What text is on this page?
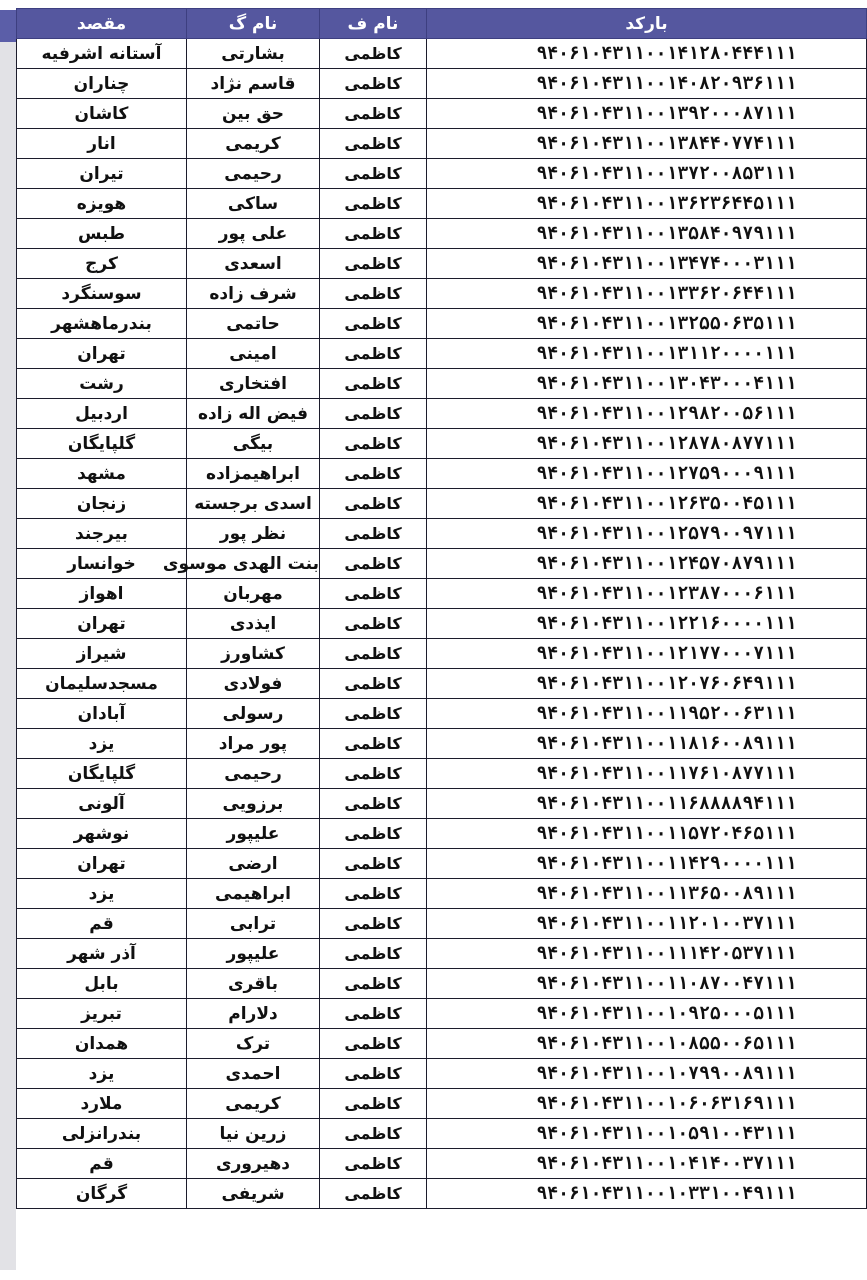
بارکد	نام ف	نام گ	مقصد
۹۴۰۶۱۰۴۳۱۱۰۰۱۴۱۲۸۰۴۴۴۱۱۱	کاظمی	بشارتی	آستانه اشرفیه
۹۴۰۶۱۰۴۳۱۱۰۰۱۴۰۸۲۰۹۳۶۱۱۱	کاظمی	قاسم نژاد	چناران
۹۴۰۶۱۰۴۳۱۱۰۰۱۳۹۲۰۰۰۸۷۱۱۱	کاظمی	حق بین	کاشان
۹۴۰۶۱۰۴۳۱۱۰۰۱۳۸۴۴۰۷۷۴۱۱۱	کاظمی	کریمی	انار
۹۴۰۶۱۰۴۳۱۱۰۰۱۳۷۲۰۰۸۵۳۱۱۱	کاظمی	رحیمی	تیران
۹۴۰۶۱۰۴۳۱۱۰۰۱۳۶۲۳۶۴۴۵۱۱۱	کاظمی	ساکی	هویزه
۹۴۰۶۱۰۴۳۱۱۰۰۱۳۵۸۴۰۹۷۹۱۱۱	کاظمی	علی پور	طبس
۹۴۰۶۱۰۴۳۱۱۰۰۱۳۴۷۴۰۰۰۳۱۱۱	کاظمی	اسعدی	کرج
۹۴۰۶۱۰۴۳۱۱۰۰۱۳۳۶۲۰۶۴۴۱۱۱	کاظمی	شرف زاده	سوسنگرد
۹۴۰۶۱۰۴۳۱۱۰۰۱۳۲۵۵۰۶۳۵۱۱۱	کاظمی	حاتمی	بندرماهشهر
۹۴۰۶۱۰۴۳۱۱۰۰۱۳۱۱۲۰۰۰۰۱۱۱	کاظمی	امینی	تهران
۹۴۰۶۱۰۴۳۱۱۰۰۱۳۰۴۳۰۰۰۴۱۱۱	کاظمی	افتخاری	رشت
۹۴۰۶۱۰۴۳۱۱۰۰۱۲۹۸۲۰۰۵۶۱۱۱	کاظمی	فیض اله زاده	اردبیل
۹۴۰۶۱۰۴۳۱۱۰۰۱۲۸۷۸۰۸۷۷۱۱۱	کاظمی	بیگی	گلپایگان
۹۴۰۶۱۰۴۳۱۱۰۰۱۲۷۵۹۰۰۰۹۱۱۱	کاظمی	ابراهیمزاده	مشهد
۹۴۰۶۱۰۴۳۱۱۰۰۱۲۶۳۵۰۰۴۵۱۱۱	کاظمی	اسدی برجسته	زنجان
۹۴۰۶۱۰۴۳۱۱۰۰۱۲۵۷۹۰۰۹۷۱۱۱	کاظمی	نظر پور	بیرجند
۹۴۰۶۱۰۴۳۱۱۰۰۱۲۴۵۷۰۸۷۹۱۱۱	کاظمی	بنت الهدی موسوی	خوانسار
۹۴۰۶۱۰۴۳۱۱۰۰۱۲۳۸۷۰۰۰۶۱۱۱	کاظمی	مهربان	اهواز
۹۴۰۶۱۰۴۳۱۱۰۰۱۲۲۱۶۰۰۰۰۱۱۱	کاظمی	ایذدی	تهران
۹۴۰۶۱۰۴۳۱۱۰۰۱۲۱۷۷۰۰۰۷۱۱۱	کاظمی	کشاورز	شیراز
۹۴۰۶۱۰۴۳۱۱۰۰۱۲۰۷۶۰۶۴۹۱۱۱	کاظمی	فولادی	مسجدسلیمان
۹۴۰۶۱۰۴۳۱۱۰۰۱۱۹۵۲۰۰۶۳۱۱۱	کاظمی	رسولی	آبادان
۹۴۰۶۱۰۴۳۱۱۰۰۱۱۸۱۶۰۰۸۹۱۱۱	کاظمی	پور مراد	یزد
۹۴۰۶۱۰۴۳۱۱۰۰۱۱۷۶۱۰۸۷۷۱۱۱	کاظمی	رحیمی	گلپایگان
۹۴۰۶۱۰۴۳۱۱۰۰۱۱۶۸۸۸۸۹۴۱۱۱	کاظمی	برزویی	آلونی
۹۴۰۶۱۰۴۳۱۱۰۰۱۱۵۷۲۰۴۶۵۱۱۱	کاظمی	علیپور	نوشهر
۹۴۰۶۱۰۴۳۱۱۰۰۱۱۴۲۹۰۰۰۰۱۱۱	کاظمی	ارضی	تهران
۹۴۰۶۱۰۴۳۱۱۰۰۱۱۳۶۵۰۰۸۹۱۱۱	کاظمی	ابراهیمی	یزد
۹۴۰۶۱۰۴۳۱۱۰۰۱۱۲۰۱۰۰۳۷۱۱۱	کاظمی	ترابی	قم
۹۴۰۶۱۰۴۳۱۱۰۰۱۱۱۴۲۰۵۳۷۱۱۱	کاظمی	علیپور	آذر شهر
۹۴۰۶۱۰۴۳۱۱۰۰۱۱۰۸۷۰۰۴۷۱۱۱	کاظمی	باقری	بابل
۹۴۰۶۱۰۴۳۱۱۰۰۱۰۹۲۵۰۰۰۵۱۱۱	کاظمی	دلارام	تبریز
۹۴۰۶۱۰۴۳۱۱۰۰۱۰۸۵۵۰۰۶۵۱۱۱	کاظمی	ترک	همدان
۹۴۰۶۱۰۴۳۱۱۰۰۱۰۷۹۹۰۰۸۹۱۱۱	کاظمی	احمدی	یزد
۹۴۰۶۱۰۴۳۱۱۰۰۱۰۶۰۶۳۱۶۹۱۱۱	کاظمی	کریمی	ملارد
۹۴۰۶۱۰۴۳۱۱۰۰۱۰۵۹۱۰۰۴۳۱۱۱	کاظمی	زرین نیا	بندرانزلی
۹۴۰۶۱۰۴۳۱۱۰۰۱۰۴۱۴۰۰۳۷۱۱۱	کاظمی	دهیروری	قم
۹۴۰۶۱۰۴۳۱۱۰۰۱۰۳۳۱۰۰۴۹۱۱۱	کاظمی	شریفی	گرگان
